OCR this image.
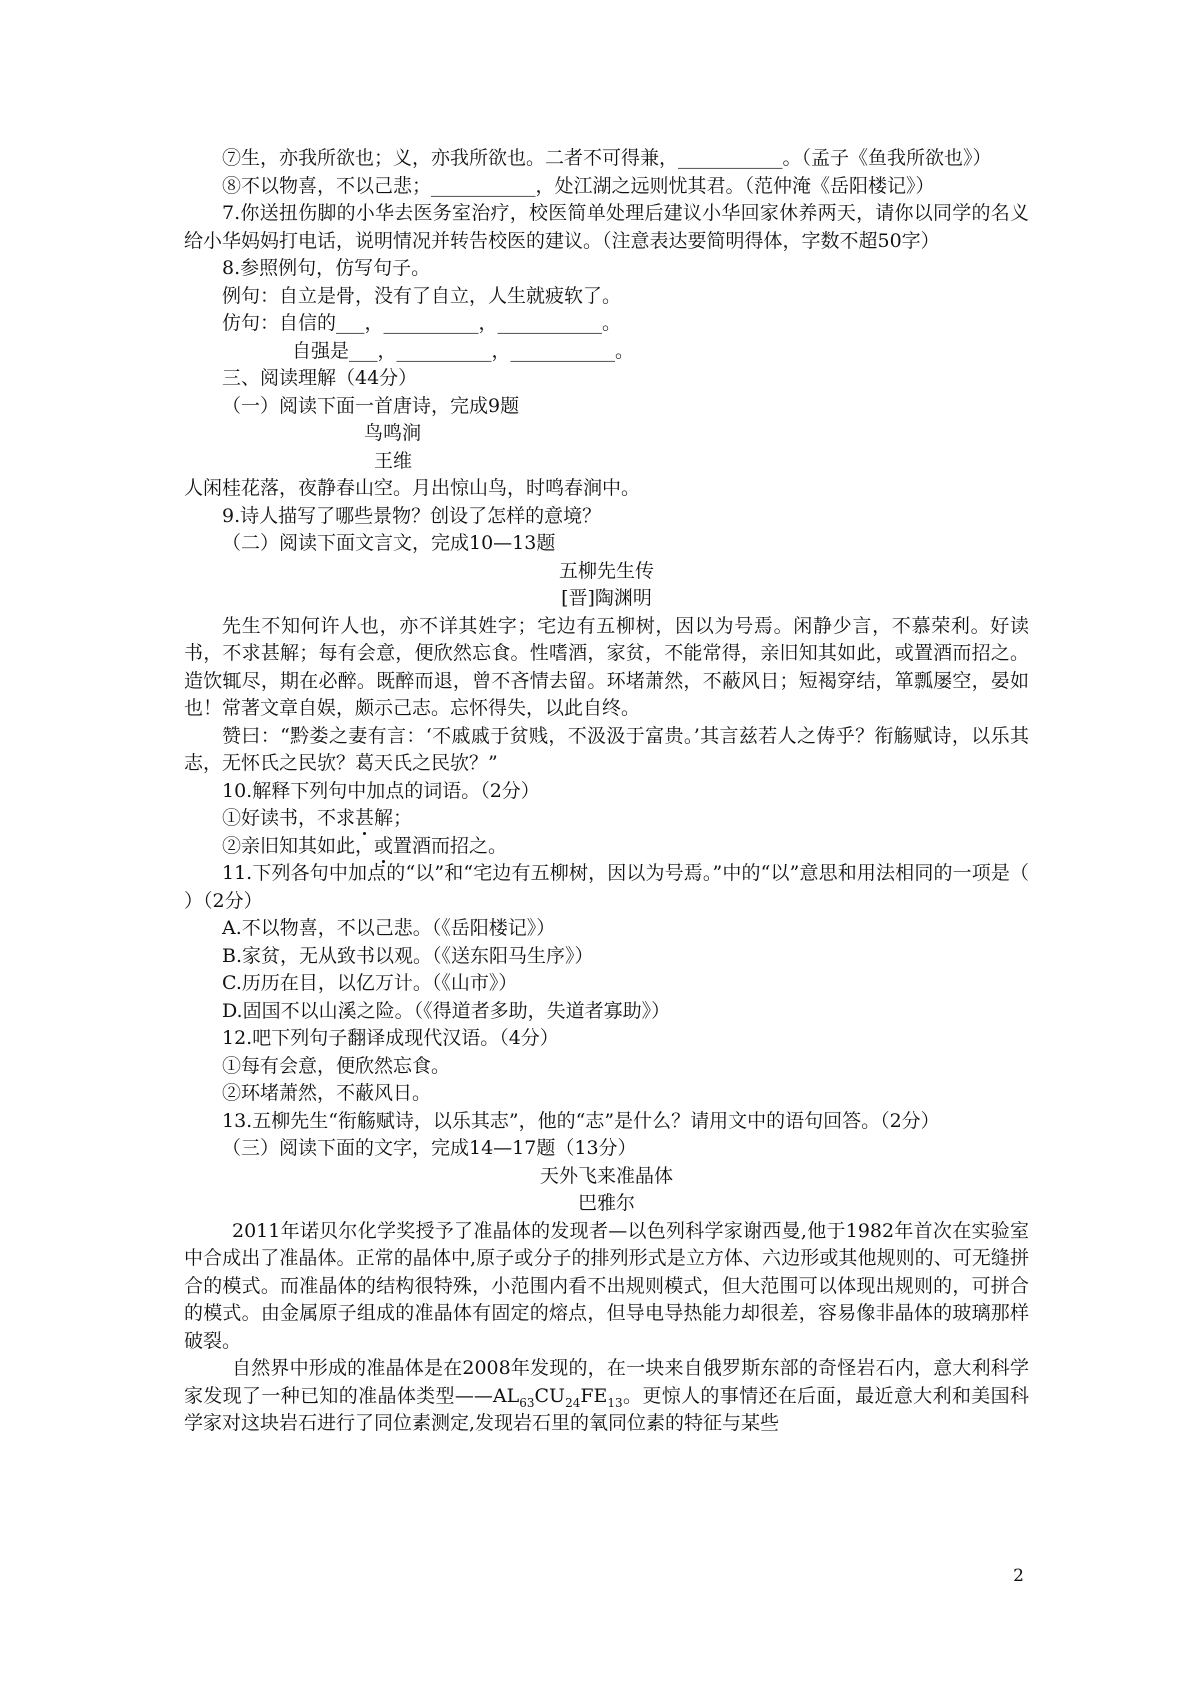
⑦生，亦我所欲也；义，亦我所欲也。二者不可得兼，___________。（孟子《鱼我所欲也》）

⑧不以物喜，不以己悲；___________，处江湖之远则忧其君。（范仲淹《岳阳楼记》）

7.你送扭伤脚的小华去医务室治疗，校医简单处理后建议小华回家休养两天，请你以同学的名义给小华妈妈打电话，说明情况并转告校医的建议。（注意表达要简明得体，字数不超50字）

8.参照例句，仿写句子。

例句：自立是骨，没有了自立，人生就疲软了。

仿句：自信的___，__________，___________。

自强是___，__________，___________。

三、阅读理解（44分）

（一）阅读下面一首唐诗，完成9题

鸟鸣涧

王维

人闲桂花落，夜静春山空。月出惊山鸟，时鸣春涧中。

9.诗人描写了哪些景物？创设了怎样的意境？

（二）阅读下面文言文，完成10—13题

五柳先生传

[晋]陶渊明

先生不知何许人也，亦不详其姓字；宅边有五柳树，因以为号焉。闲静少言，不慕荣利。好读书，不求甚解；每有会意，便欣然忘食。性嗜酒，家贫，不能常得，亲旧知其如此，或置酒而招之。造饮辄尽，期在必醉。既醉而退，曾不吝情去留。环堵萧然，不蔽风日；短褐穿结，箪瓢屡空，晏如也！常著文章自娱，颇示己志。忘怀得失，以此自终。

赞曰：“黔娄之妻有言：‘不戚戚于贫贱，不汲汲于富贵。’其言兹若人之俦乎？衔觞赋诗，以乐其志，无怀氏之民欤？葛天氏之民欤？”

10.解释下列句中加点的词语。（2分）

①好读书，不求甚解；

②亲旧知其如此，或置酒而招之。

11.下列各句中加点的“以”和“宅边有五柳树，因以为号焉。”中的“以”意思和用法相同的一项是（ ）（2分）

A.不以物喜，不以己悲。（《岳阳楼记》）

B.家贫，无从致书以观。（《送东阳马生序》）

C.历历在目，以亿万计。（《山市》）

D.固国不以山溪之险。（《得道者多助，失道者寡助》）

12.吧下列句子翻译成现代汉语。（4分）

①每有会意，便欣然忘食。

②环堵萧然，不蔽风日。

13.五柳先生“衔觞赋诗，以乐其志”，他的“志”是什么？请用文中的语句回答。（2分）

（三）阅读下面的文字，完成14—17题（13分）

天外飞来准晶体

巴雅尔

2011年诺贝尔化学奖授予了准晶体的发现者—以色列科学家谢西曼,他于1982年首次在实验室中合成出了准晶体。正常的晶体中,原子或分子的排列形式是立方体、六边形或其他规则的、可无缝拼合的模式。而准晶体的结构很特殊，小范围内看不出规则模式，但大范围可以体现出规则的，可拼合的模式。由金属原子组成的准晶体有固定的熔点，但导电导热能力却很差，容易像非晶体的玻璃那样破裂。

自然界中形成的准晶体是在2008年发现的，在一块来自俄罗斯东部的奇怪岩石内，意大利科学家发现了一种已知的准晶体类型$——AL_{63}CU_{24}FE_{13}$。更惊人的事情还在后面，最近意大利和美国科学家对这块岩石进行了同位素测定,发现岩石里的氧同位素的特征与某些

2
